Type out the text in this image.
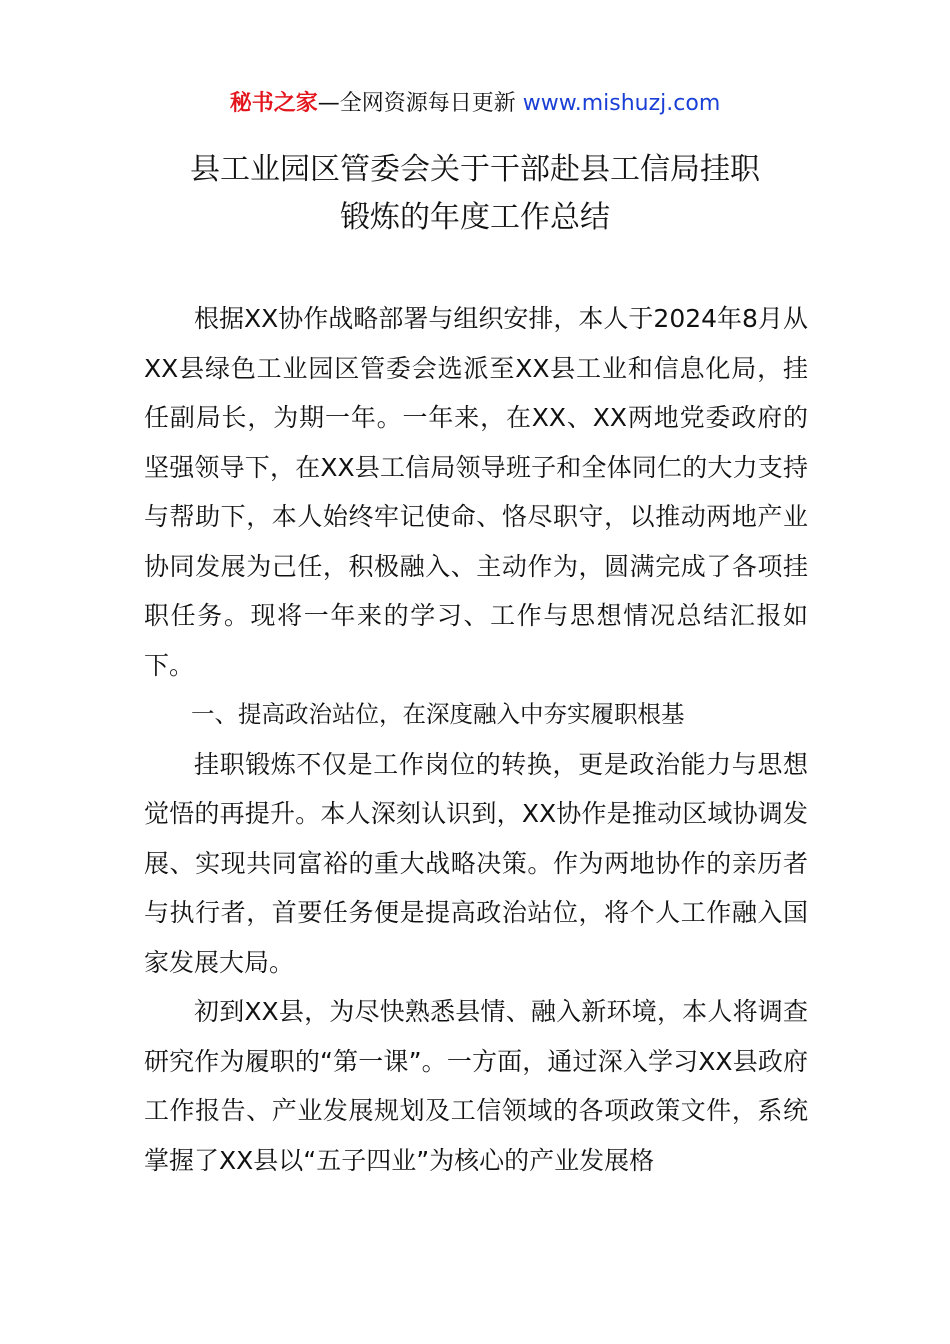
秘书之家—全网资源每日更新 www.mishuzj.com
县工业园区管委会关于干部赴县工信局挂职
锻炼的年度工作总结

根据XX协作战略部署与组织安排，本人于2024年8月从XX县绿色工业园区管委会选派至XX县工业和信息化局，挂任副局长，为期一年。一年来，在XX、XX两地党委政府的坚强领导下，在XX县工信局领导班子和全体同仁的大力支持与帮助下，本人始终牢记使命、恪尽职守，以推动两地产业协同发展为己任，积极融入、主动作为，圆满完成了各项挂职任务。现将一年来的学习、工作与思想情况总结汇报如下。

一、提高政治站位，在深度融入中夯实履职根基

挂职锻炼不仅是工作岗位的转换，更是政治能力与思想觉悟的再提升。本人深刻认识到，XX协作是推动区域协调发展、实现共同富裕的重大战略决策。作为两地协作的亲历者与执行者，首要任务便是提高政治站位，将个人工作融入国家发展大局。

初到XX县，为尽快熟悉县情、融入新环境，本人将调查研究作为履职的“第一课”。一方面，通过深入学习XX县政府工作报告、产业发展规划及工信领域的各项政策文件，系统掌握了XX县以“五子四业”为核心的产业发展格
